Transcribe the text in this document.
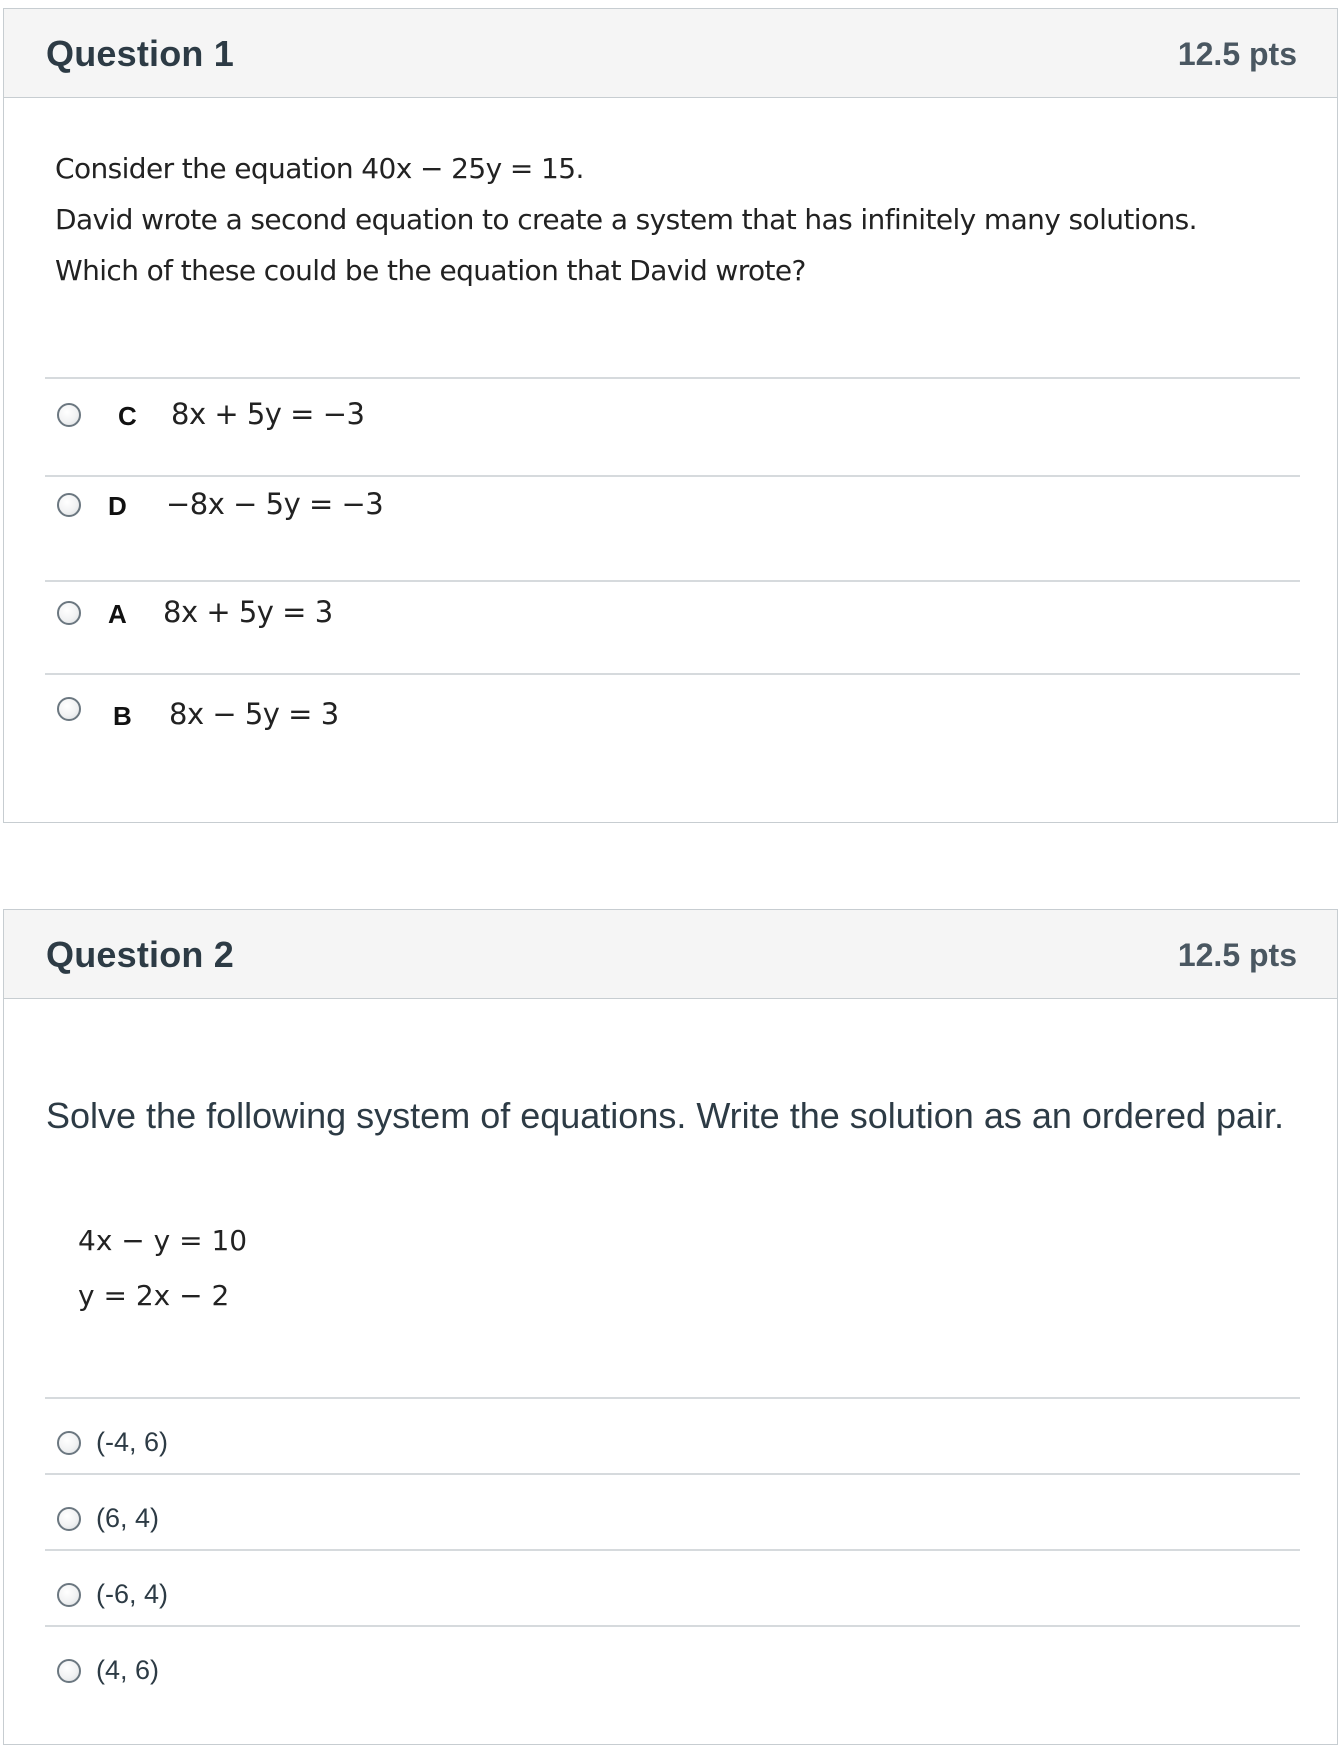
Question 1	12.5 pts
Consider the equation 40x − 25y = 15.
David wrote a second equation to create a system that has infinitely many solutions.
Which of these could be the equation that David wrote?
C 8x + 5y = −3
D −8x − 5y = −3
A 8x + 5y = 3
B 8x − 5y = 3
Question 2	12.5 pts
Solve the following system of equations. Write the solution as an ordered pair.
4x − y = 10
y = 2x − 2
(-4, 6)
(6, 4)
(-6, 4)
(4, 6)
